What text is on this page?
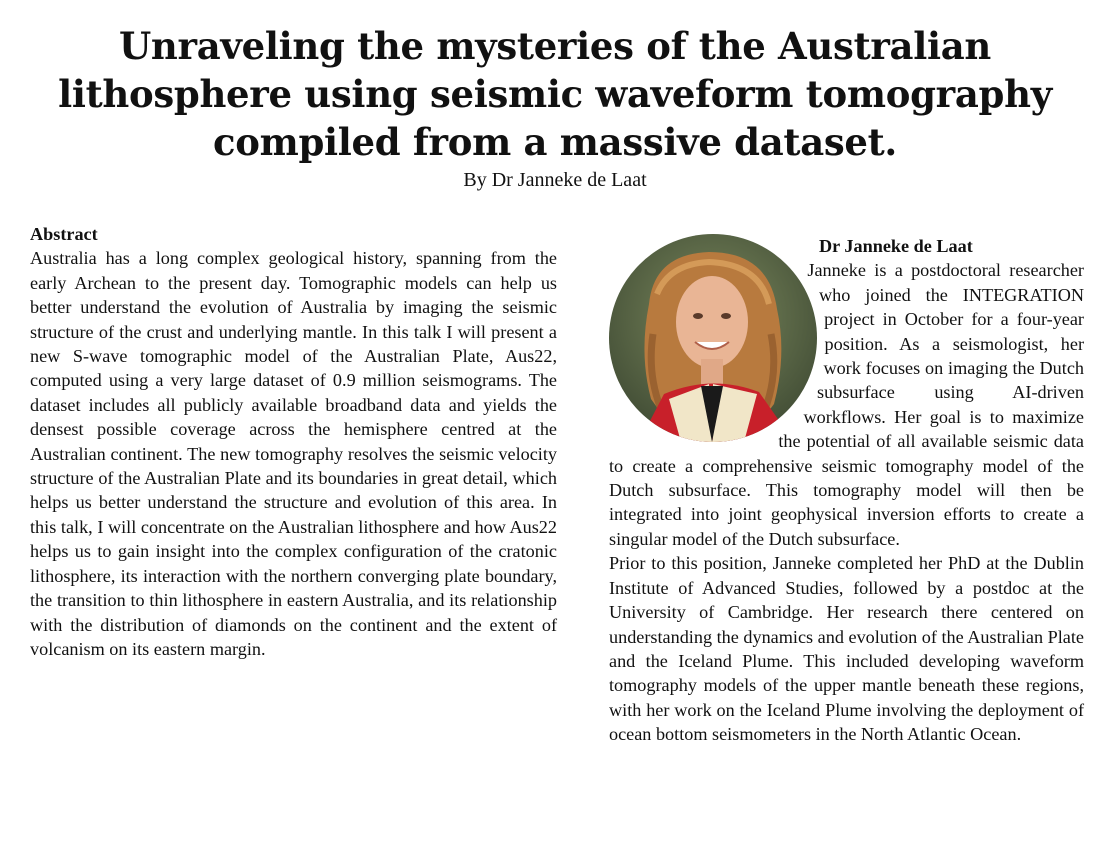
Unraveling the mysteries of the Australian lithosphere using seismic waveform tomography compiled from a massive dataset.
By Dr Janneke de Laat
Abstract

Australia has a long complex geological history, spanning from the early Archean to the present day. Tomographic models can help us better understand the evolution of Australia by imaging the seismic structure of the crust and underlying mantle. In this talk I will present a new S-wave tomographic model of the Australian Plate, Aus22, computed using a very large dataset of 0.9 million seismograms. The dataset includes all publicly available broadband data and yields the densest possible coverage across the hemisphere centred at the Australian continent. The new tomography resolves the seismic velocity structure of the Australian Plate and its boundaries in great detail, which helps us better understand the structure and evolution of this area. In this talk, I will concentrate on the Australian lithosphere and how Aus22 helps us to gain insight into the complex configuration of the cratonic lithosphere, its interaction with the northern converging plate boundary, the transition to thin lithosphere in eastern Australia, and its relationship with the distribution of diamonds on the continent and the extent of volcanism on its eastern margin.

Dr Janneke de Laat

Janneke is a postdoctoral researcher who joined the INTEGRATION project in October for a four-year position. As a seismologist, her work focuses on imaging the Dutch subsurface using AI-driven workflows. Her goal is to maximize the potential of all available seismic data to create a comprehensive seismic tomography model of the Dutch subsurface. This tomography model will then be integrated into joint geophysical inversion efforts to create a singular model of the Dutch subsurface.

Prior to this position, Janneke completed her PhD at the Dublin Institute of Advanced Studies, followed by a postdoc at the University of Cambridge. Her research there centered on understanding the dynamics and evolution of the Australian Plate and the Iceland Plume. This included developing waveform tomography models of the upper mantle beneath these regions, with her work on the Iceland Plume involving the deployment of ocean bottom seismometers in the North Atlantic Ocean.
